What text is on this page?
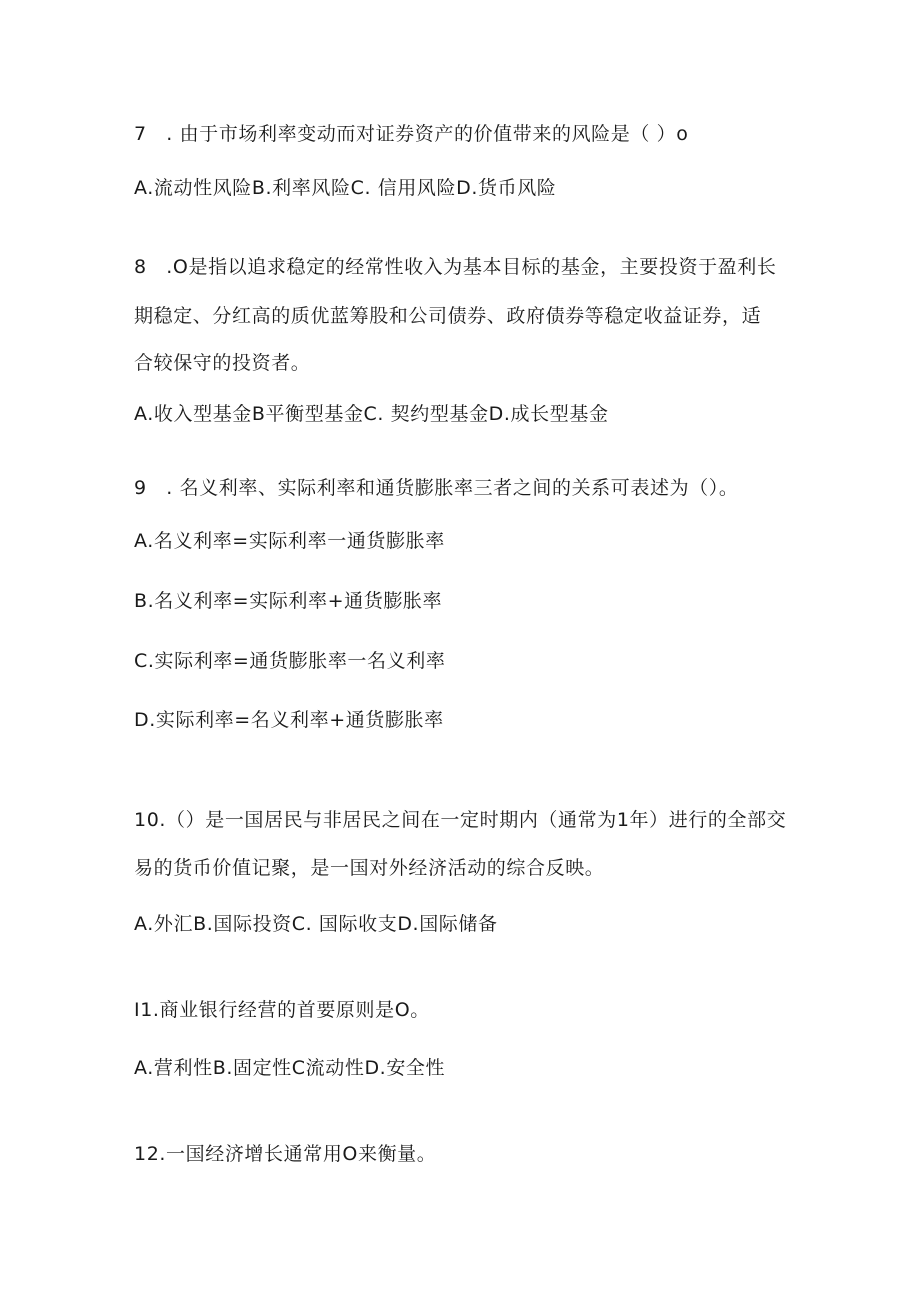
7　. 由于市场利率变动而对证券资产的价值带来的风险是（ ）o
A.流动性风险B.利率风险C. 信用风险D.货币风险
8　.O是指以追求稳定的经常性收入为基本目标的基金，主要投资于盈利长
期稳定、分红高的质优蓝筹股和公司债券、政府债券等稳定收益证券，适
合较保守的投资者。
A.收入型基金B平衡型基金C. 契约型基金D.成长型基金
9　. 名义利率、实际利率和通货膨胀率三者之间的关系可表述为（）。
A.名义利率=实际利率一通货膨胀率
B.名义利率=实际利率+通货膨胀率
C.实际利率=通货膨胀率一名义利率
D.实际利率=名义利率+通货膨胀率
10.（）是一国居民与非居民之间在一定时期内（通常为1年）进行的全部交
易的货币价值记聚，是一国对外经济活动的综合反映。
A.外汇B.国际投资C. 国际收支D.国际储备
I1.商业银行经营的首要原则是O。
A.营利性B.固定性C流动性D.安全性
12.一国经济增长通常用O来衡量。
